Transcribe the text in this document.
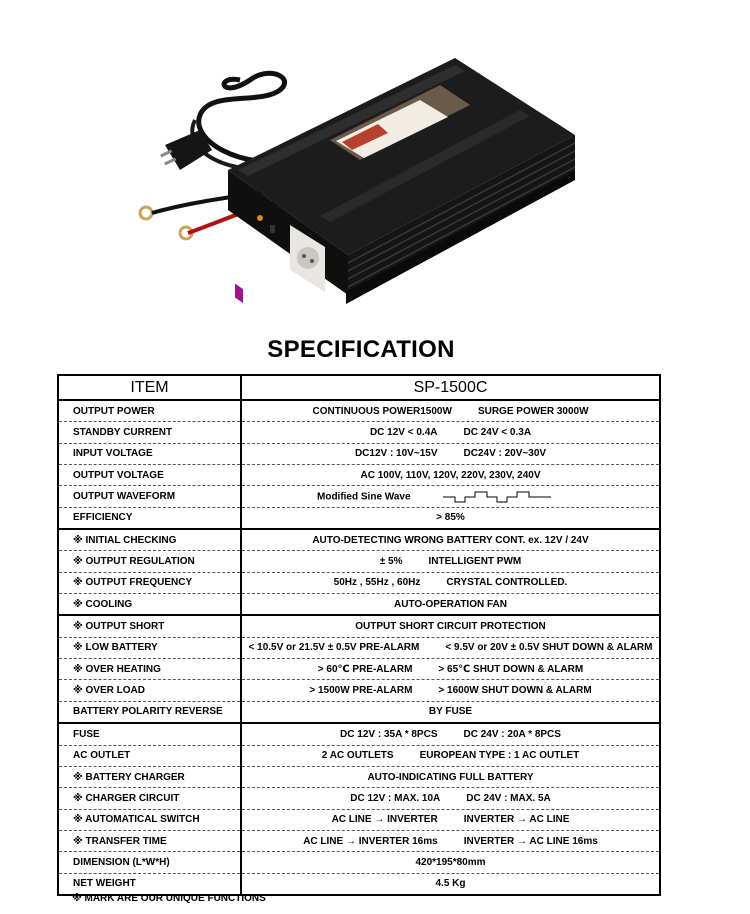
SPECIFICATION
ITEM	SP-1500C
OUTPUT POWER	CONTINUOUS POWER1500W SURGE POWER 3000W
STANDBY CURRENT	DC 12V < 0.4A DC 24V < 0.3A
INPUT VOLTAGE	DC12V : 10V~15V DC24V : 20V~30V
OUTPUT VOLTAGE	AC 100V, 110V, 120V, 220V, 230V, 240V
OUTPUT WAVEFORM	Modified Sine Wave
EFFICIENCY	> 85%
※ INITIAL CHECKING	AUTO-DETECTING WRONG BATTERY CONT. ex. 12V / 24V
※ OUTPUT REGULATION	± 5% INTELLIGENT PWM
※ OUTPUT FREQUENCY	50Hz , 55Hz , 60Hz CRYSTAL CONTROLLED.
※ COOLING	AUTO-OPERATION FAN
※ OUTPUT SHORT	OUTPUT SHORT CIRCUIT PROTECTION
※ LOW BATTERY	< 10.5V or 21.5V ± 0.5V PRE-ALARM < 9.5V or 20V ± 0.5V SHUT DOWN & ALARM
※ OVER HEATING	> 60℃ PRE-ALARM > 65℃ SHUT DOWN & ALARM
※ OVER LOAD	> 1500W PRE-ALARM > 1600W SHUT DOWN & ALARM
BATTERY POLARITY REVERSE	BY FUSE
FUSE	DC 12V : 35A * 8PCS DC 24V : 20A * 8PCS
AC OUTLET	2 AC OUTLETS EUROPEAN TYPE : 1 AC OUTLET
※ BATTERY CHARGER	AUTO-INDICATING FULL BATTERY
※ CHARGER CIRCUIT	DC 12V : MAX. 10A DC 24V : MAX. 5A
※ AUTOMATICAL SWITCH	AC LINE → INVERTER INVERTER → AC LINE
※ TRANSFER TIME	AC LINE → INVERTER 16ms INVERTER → AC LINE 16ms
DIMENSION (L*W*H)	420*195*80mm
NET WEIGHT	4.5 Kg
※ MARK ARE OUR UNIQUE FUNCTIONS
